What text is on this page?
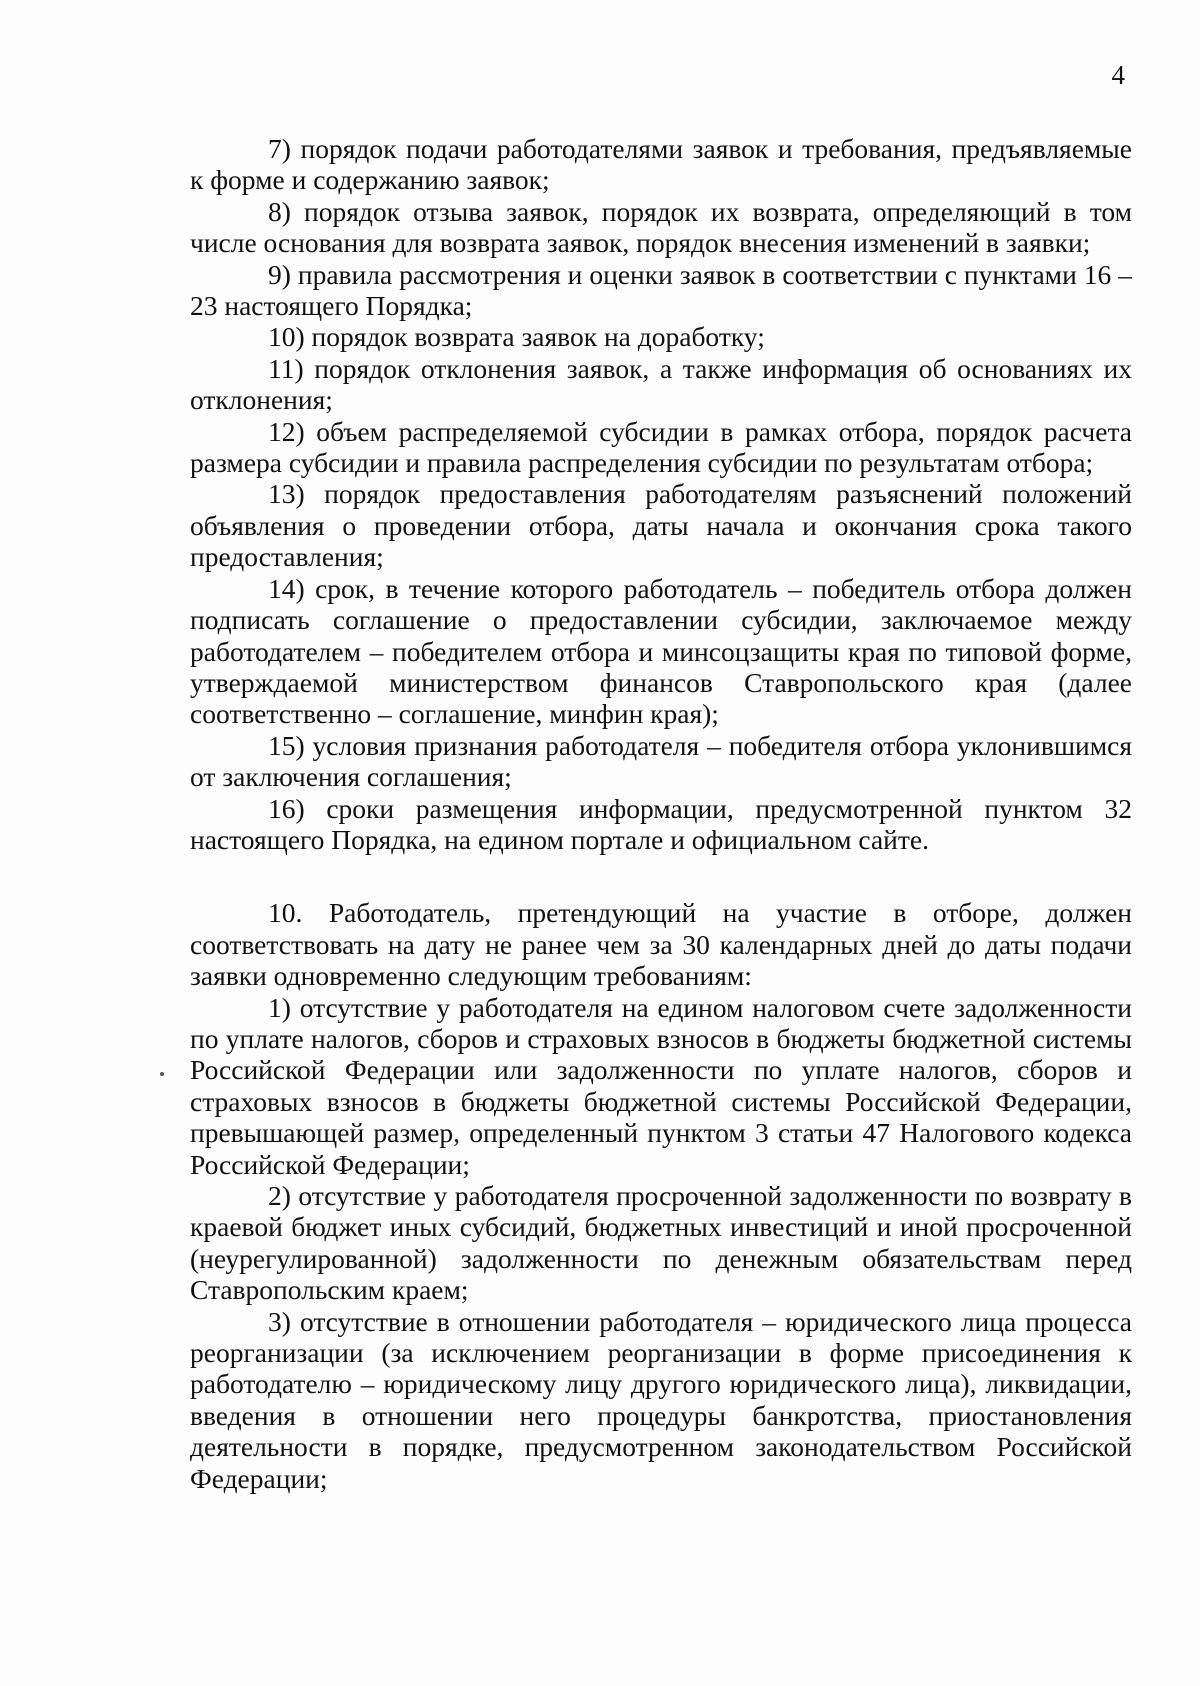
4

7) порядок подачи работодателями заявок и требования, предъявляемые к форме и содержанию заявок;

8) порядок отзыва заявок, порядок их возврата, определяющий в том числе основания для возврата заявок, порядок внесения изменений в заявки;

9) правила рассмотрения и оценки заявок в соответствии с пунктами 16 – 23 настоящего Порядка;

10) порядок возврата заявок на доработку;

11) порядок отклонения заявок, а также информация об основаниях их отклонения;

12) объем распределяемой субсидии в рамках отбора, порядок расчета размера субсидии и правила распределения субсидии по результатам отбора;

13) порядок предоставления работодателям разъяснений положений объявления о проведении отбора, даты начала и окончания срока такого предоставления;

14) срок, в течение которого работодатель – победитель отбора должен подписать соглашение о предоставлении субсидии, заключаемое между работодателем – победителем отбора и минсоцзащиты края по типовой форме, утверждаемой министерством финансов Ставропольского края (далее соответственно – соглашение, минфин края);

15) условия признания работодателя – победителя отбора уклонившимся от заключения соглашения;

16) сроки размещения информации, предусмотренной пунктом 32 настоящего Порядка, на едином портале и официальном сайте.

10. Работодатель, претендующий на участие в отборе, должен соответствовать на дату не ранее чем за 30 календарных дней до даты подачи заявки одновременно следующим требованиям:

1) отсутствие у работодателя на едином налоговом счете задолженности по уплате налогов, сборов и страховых взносов в бюджеты бюджетной системы Российской Федерации или задолженности по уплате налогов, сборов и страховых взносов в бюджеты бюджетной системы Российской Федерации, превышающей размер, определенный пунктом 3 статьи 47 Налогового кодекса Российской Федерации;

2) отсутствие у работодателя просроченной задолженности по возврату в краевой бюджет иных субсидий, бюджетных инвестиций и иной просроченной (неурегулированной) задолженности по денежным обязательствам перед Ставропольским краем;

3) отсутствие в отношении работодателя – юридического лица процесса реорганизации (за исключением реорганизации в форме присоединения к работодателю – юридическому лицу другого юридического лица), ликвидации, введения в отношении него процедуры банкротства, приостановления деятельности в порядке, предусмотренном законодательством Российской Федерации;
